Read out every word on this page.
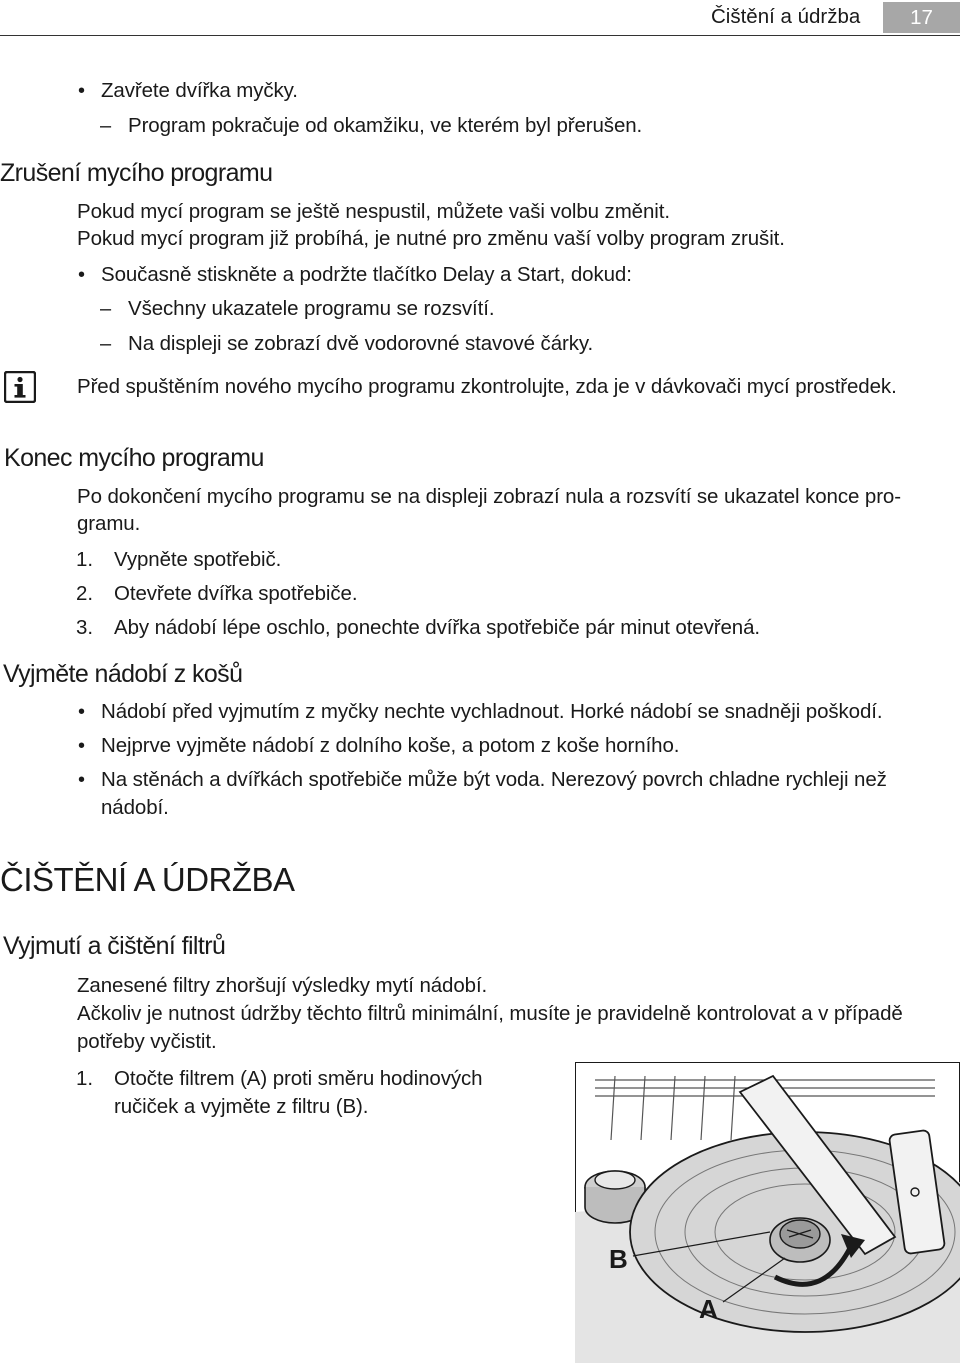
Čištění a údržba	17
• Zavřete dvířka myčky.
– Program pokračuje od okamžiku, ve kterém byl přerušen.
Zrušení mycího programu
Pokud mycí program se ještě nespustil, můžete vaši volbu změnit.
Pokud mycí program již probíhá, je nutné pro změnu vaší volby program zrušit.
• Současně stiskněte a podržte tlačítko Delay a Start, dokud:
– Všechny ukazatele programu se rozsvítí.
– Na displeji se zobrazí dvě vodorovné stavové čárky.
Před spuštěním nového mycího programu zkontrolujte, zda je v dávkovači mycí prostředek.
Konec mycího programu
Po dokončení mycího programu se na displeji zobrazí nula a rozsvítí se ukazatel konce pro-
gramu.
1. Vypněte spotřebič.
2. Otevřete dvířka spotřebiče.
3. Aby nádobí lépe oschlo, ponechte dvířka spotřebiče pár minut otevřená.
Vyjměte nádobí z košů
• Nádobí před vyjmutím z myčky nechte vychladnout. Horké nádobí se snadněji poškodí.
• Nejprve vyjměte nádobí z dolního koše, a potom z koše horního.
• Na stěnách a dvířkách spotřebiče může být voda. Nerezový povrch chladne rychleji než
nádobí.
ČIŠTĚNÍ A ÚDRŽBA
Vyjmutí a čištění filtrů
Zanesené filtry zhoršují výsledky mytí nádobí.
Ačkoliv je nutnost údržby těchto filtrů minimální, musíte je pravidelně kontrolovat a v případě
potřeby vyčistit.
1. Otočte filtrem (A) proti směru hodinových
ručiček a vyjměte z filtru (B).
B
A
